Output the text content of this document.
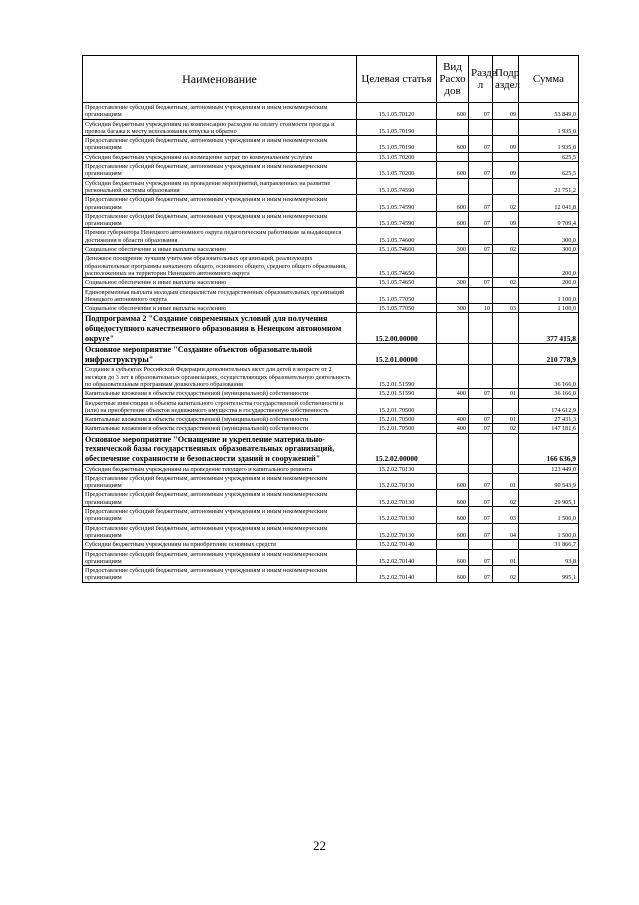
Наименование	Целевая статья	Вид Расхо дов	Разде л	Подр аздел	Сумма
Предоставление субсидий бюджетным, автономным учреждениям и иным некоммерческим организациям	15.1.05.70120	600	07	09	53 849,0
Субсидии бюджетным учреждениям на компенсацию расходов на оплату стоимости проезда и провоза багажа к месту использования отпуска и обратно	15.1.05.70190				1 935,0
Предоставление субсидий бюджетным, автономным учреждениям и иным некоммерческим организациям	15.1.05.70190	600	07	09	1 935,0
Субсидии бюджетным учреждениям на возмещение затрат по коммунальным услугам	15.1.05.70200				625,5
Предоставление субсидий бюджетным, автономным учреждениям и иным некоммерческим организациям	15.1.05.70200	600	07	09	625,5
Субсидии бюджетным учреждениям на проведение мероприятий, направленных на развитие региональной системы образования	15.1.05.74590				21 751,2
Предоставление субсидий бюджетным, автономным учреждениям и иным некоммерческим организациям	15.1.05.74590	600	07	02	12 041,8
Предоставление субсидий бюджетным, автономным учреждениям и иным некоммерческим организациям	15.1.05.74590	600	07	09	9 709,4
Премии губернатора Ненецкого автономного округа педагогическим работникам за выдающиеся достижения в области образования	15.1.05.74600				300,0
Социальное обеспечение и иные выплаты населению	15.1.05.74600	300	07	02	300,0
Денежное поощрение лучшим учителям образовательных организаций, реализующих образовательные программы начального общего, основного общего, среднего общего образования, расположенных на территории Ненецкого автономного округа	15.1.05.74650				200,0
Социальное обеспечение и иные выплаты населению	15.1.05.74650	300	07	02	200,0
Единовременная выплата молодым специалистам государственных образовательных организаций Ненецкого автономного округа	15.1.05.77050				1 100,0
Социальное обеспечение и иные выплаты населению	15.1.05.77050	300	10	03	1 100,0
Подпрограмма 2 "Создание современных условий для получения общедоступного качественного образования в Ненецком автономном округе"	15.2.00.00000				377 415,8
Основное мероприятие "Создание объектов образовательной инфраструктуры"	15.2.01.00000				210 778,9
Создание в субъектах Российской Федерации дополнительных мест для детей в возрасте от 2 месяцев до 3 лет в образовательных организациях, осуществляющих образовательную деятельность по образовательным программам дошкольного образования	15.2.01.51590				36 166,0
Капитальные вложения в объекты государственной (муниципальной) собственности	15.2.01.51590	400	07	01	36 166,0
Бюджетные инвестиции в объекты капитального строительства государственной собственности и (или) на приобретение объектов недвижимого имущества в государственную собственность	15.2.01.70500				174 612,9
Капитальные вложения в объекты государственной (муниципальной) собственности	15.2.01.70500	400	07	01	27 431,3
Капитальные вложения в объекты государственной (муниципальной) собственности	15.2.01.70500	400	07	02	147 181,6
Основное мероприятие "Оснащение и укрепление материально-технической базы государственных образовательных организаций, обеспечение сохранности и безопасности зданий и сооружений"	15.2.02.00000				166 636,9
Субсидии бюджетным учреждениям на проведение текущего и капитального ремонта	15.2.02.70130				123 449,0
Предоставление субсидий бюджетным, автономным учреждениям и иным некоммерческим организациям	15.2.02.70130	600	07	01	90 543,9
Предоставление субсидий бюджетным, автономным учреждениям и иным некоммерческим организациям	15.2.02.70130	600	07	02	29 905,1
Предоставление субсидий бюджетным, автономным учреждениям и иным некоммерческим организациям	15.2.02.70130	600	07	03	1 500,0
Предоставление субсидий бюджетным, автономным учреждениям и иным некоммерческим организациям	15.2.02.70130	600	07	04	1 500,0
Субсидии бюджетным учреждениям на приобретение основных средств	15.2.02.70140				31 866,7
Предоставление субсидий бюджетным, автономным учреждениям и иным некоммерческим организациям	15.2.02.70140	600	07	01	93,8
Предоставление субсидий бюджетным, автономным учреждениям и иным некоммерческим организациям	15.2.02.70140	600	07	02	995,1
22
